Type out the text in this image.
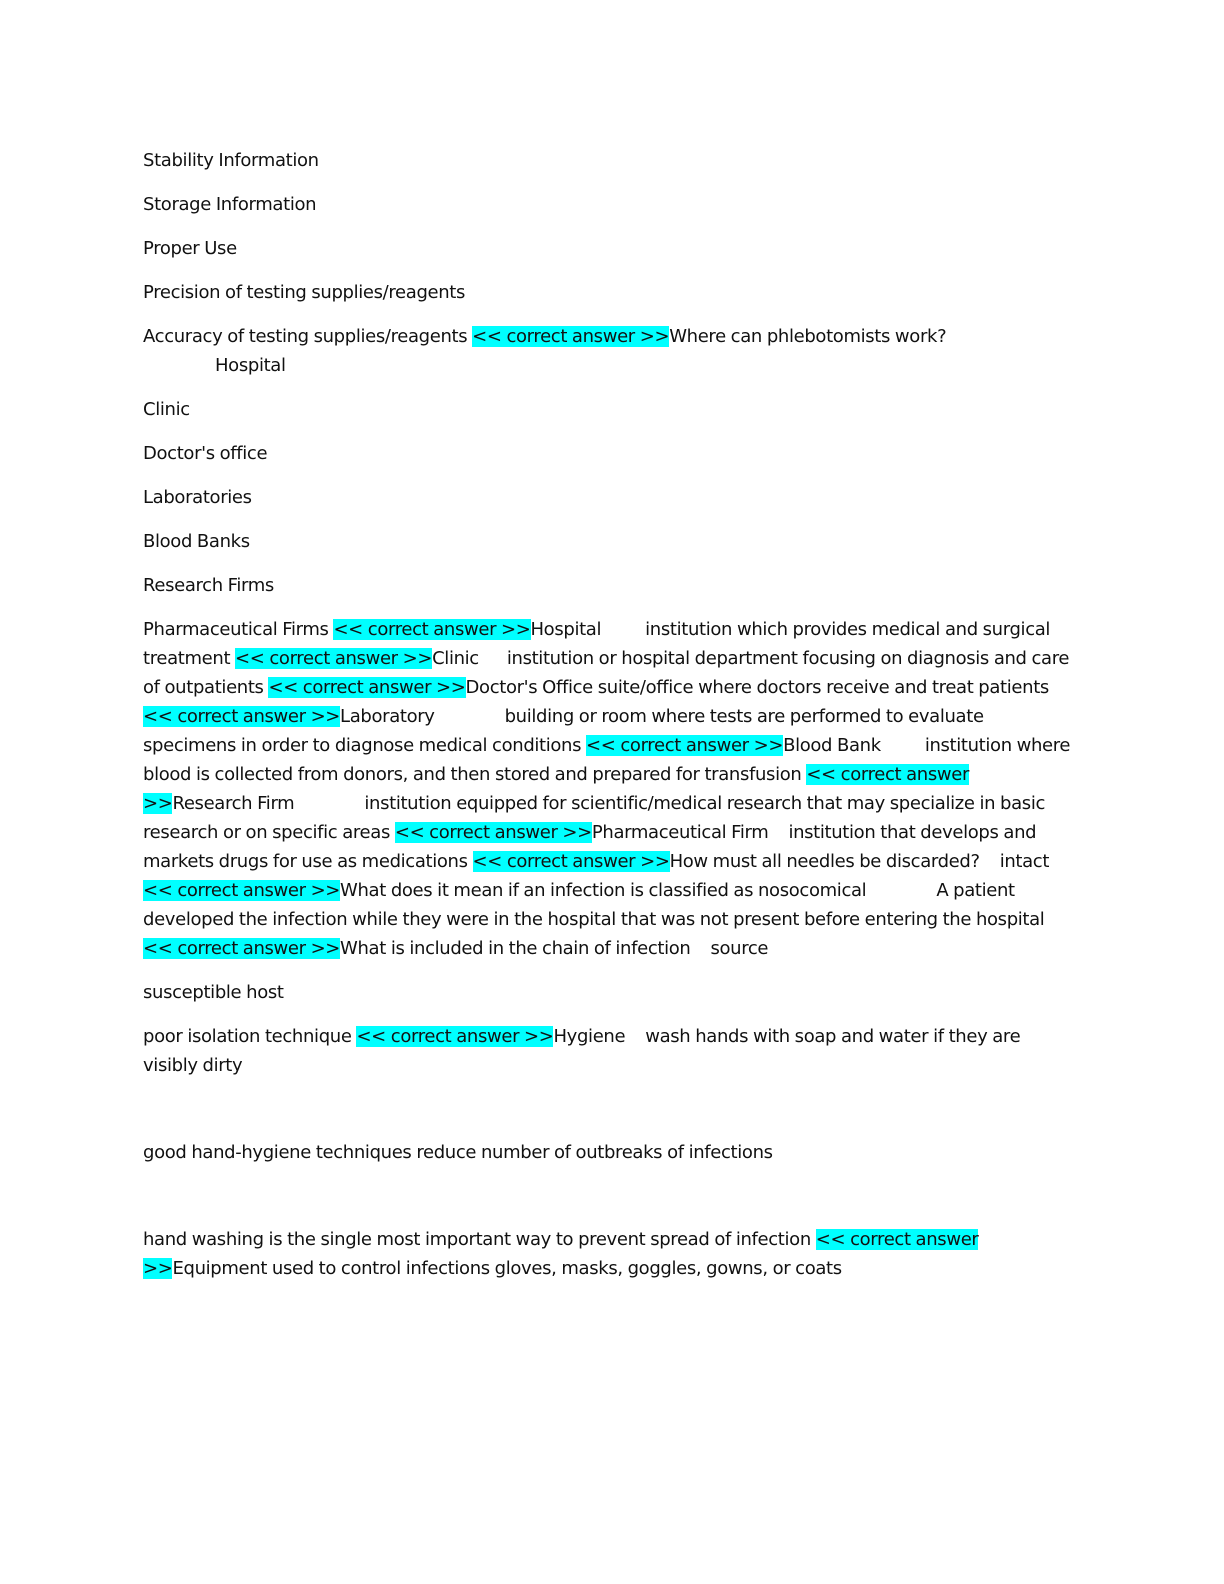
Stability Information

Storage Information

Proper Use

Precision of testing supplies/reagents

Accuracy of testing supplies/reagents << correct answer >>Where can phlebotomists work?
Hospital

Clinic

Doctor's office

Laboratories

Blood Banks

Research Firms

Pharmaceutical Firms << correct answer >>Hospital institution which provides medical and surgical treatment << correct answer >>Clinic institution or hospital department focusing on diagnosis and care of outpatients << correct answer >>Doctor's Office suite/office where doctors receive and treat patients << correct answer >>Laboratory	building or room where tests are performed to evaluate specimens in order to diagnose medical conditions << correct answer >>Blood Bank institution where blood is collected from donors, and then stored and prepared for transfusion << correct answer >>Research Firm	institution equipped for scientific/medical research that may specialize in basic research or on specific areas << correct answer >>Pharmaceutical Firm institution that develops and markets drugs for use as medications << correct answer >>How must all needles be discarded? intact << correct answer >>What does it mean if an infection is classified as nosocomical	A patient developed the infection while they were in the hospital that was not present before entering the hospital << correct answer >>What is included in the chain of infection source

susceptible host

poor isolation technique << correct answer >>Hygiene wash hands with soap and water if they are visibly dirty

good hand-hygiene techniques reduce number of outbreaks of infections

hand washing is the single most important way to prevent spread of infection << correct answer >>Equipment used to control infections gloves, masks, goggles, gowns, or coats
